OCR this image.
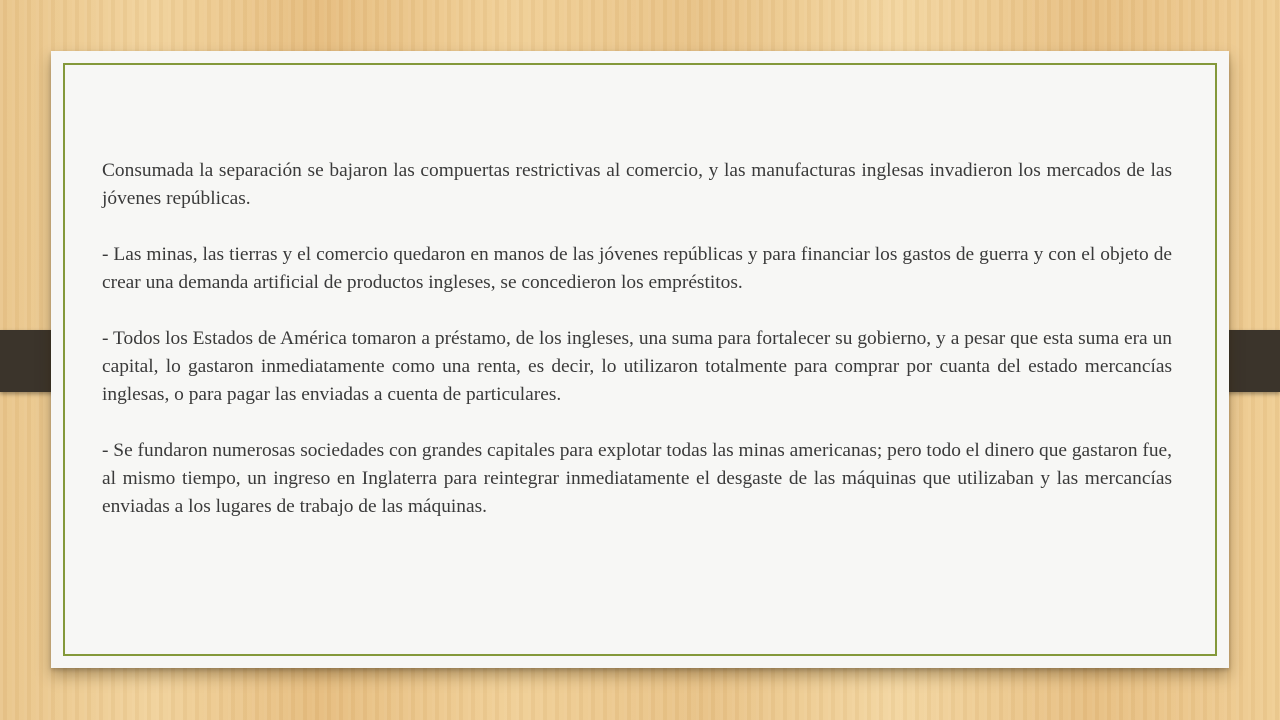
Consumada la separación se bajaron las compuertas restrictivas al comercio, y las manufacturas inglesas invadieron los mercados de las jóvenes repúblicas.

- Las minas, las tierras y el comercio quedaron en manos de las jóvenes repúblicas y para financiar los gastos de guerra y con el objeto de crear una demanda artificial de productos ingleses, se concedieron los empréstitos.

- Todos los Estados de América tomaron a préstamo, de los ingleses, una suma para fortalecer su gobierno, y a pesar que esta suma era un capital, lo gastaron inmediatamente como una renta, es decir, lo utilizaron totalmente para comprar por cuanta del estado mercancías inglesas, o para pagar las enviadas a cuenta de particulares.

- Se fundaron numerosas sociedades con grandes capitales para explotar todas las minas americanas; pero todo el dinero que gastaron fue, al mismo tiempo, un ingreso en Inglaterra para reintegrar inmediatamente el desgaste de las máquinas que utilizaban y las mercancías enviadas a los lugares de trabajo de las máquinas.
